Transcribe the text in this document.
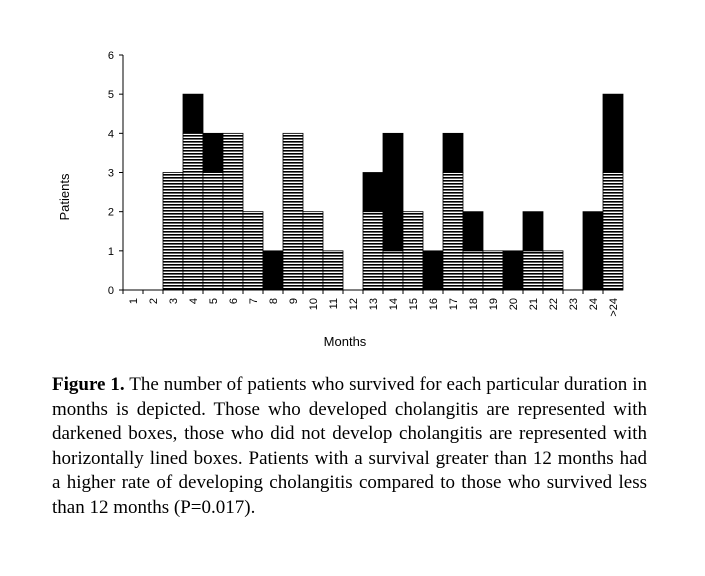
0
1
2
3
4
5
6
1 2 3 4 5 6 7 8 9 10 11 12 13 14 15 16 17 18 19 20 21 22 23 24 >24
Patients
Months

Figure 1. The number of patients who survived for each particular duration in months is depicted. Those who developed cholangitis are represented with darkened boxes, those who did not develop cholangitis are represented with horizontally lined boxes. Patients with a survival greater than 12 months had a higher rate of developing cholangitis compared to those who survived less than 12 months (P=0.017).
